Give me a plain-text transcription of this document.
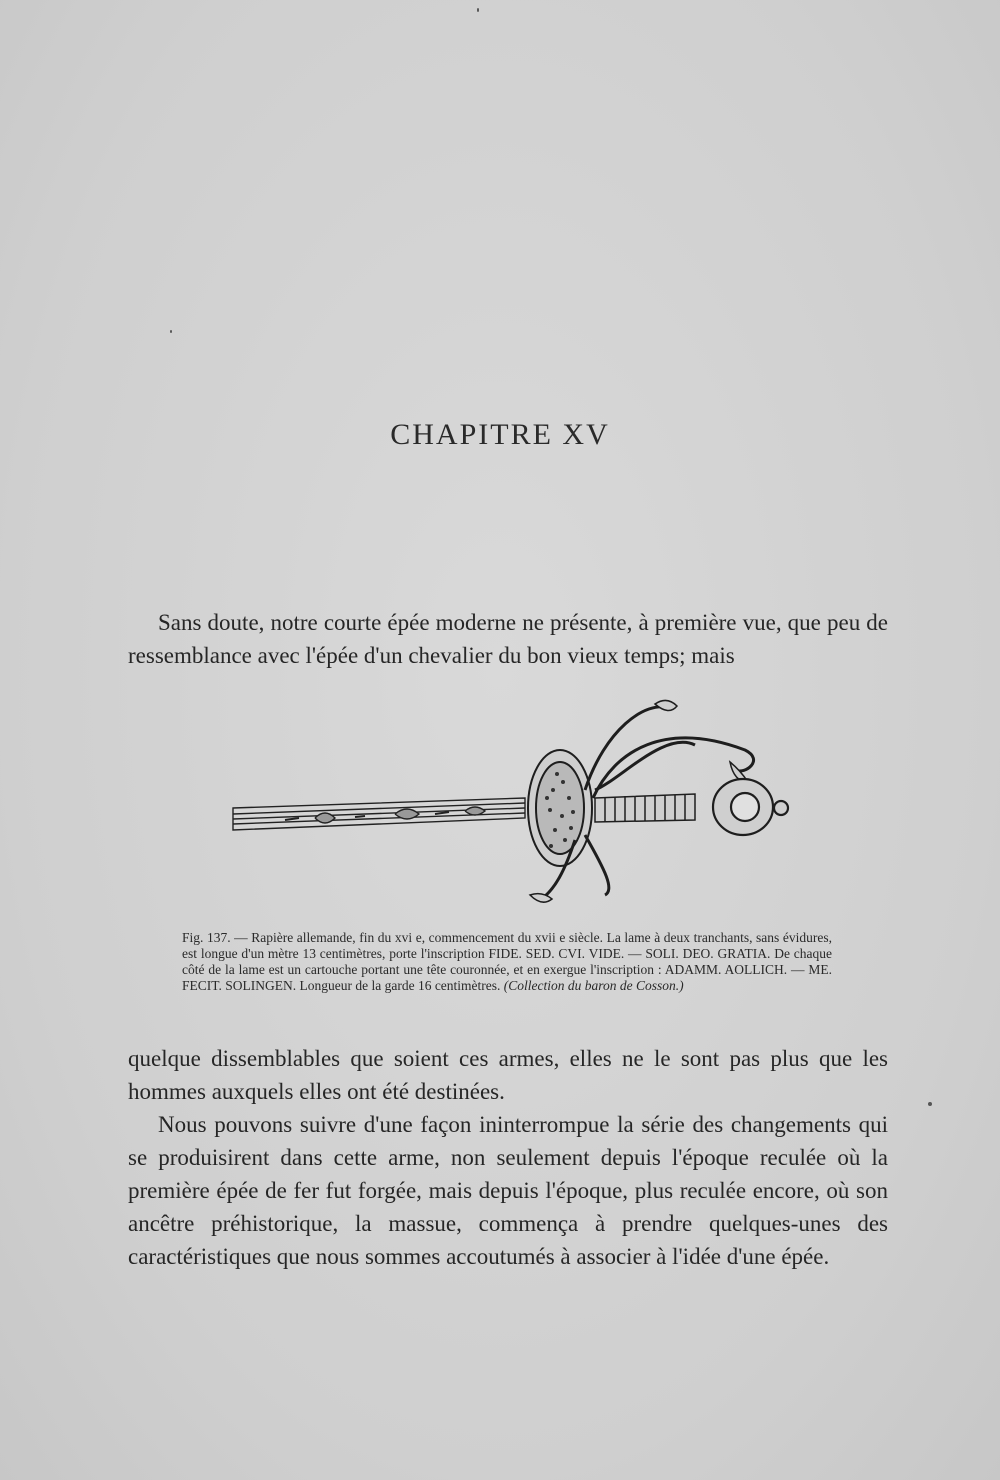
CHAPITRE XV
Sans doute, notre courte épée moderne ne présente, à première vue, que peu de ressemblance avec l'épée d'un chevalier du bon vieux temps; mais
Fig. 137. — Rapière allemande, fin du xvi e, commencement du xvii e siècle. La lame à deux tranchants, sans évidures, est longue d'un mètre 13 centimètres, porte l'inscription FIDE. SED. CVI. VIDE. — SOLI. DEO. GRATIA. De chaque côté de la lame est un cartouche portant une tête couronnée, et en exergue l'inscription : ADAMM. AOLLICH. — ME. FECIT. SOLINGEN. Longueur de la garde 16 centimètres. (Collection du baron de Cosson.)
quelque dissemblables que soient ces armes, elles ne le sont pas plus que les hommes auxquels elles ont été destinées.
Nous pouvons suivre d'une façon ininterrompue la série des changements qui se produisirent dans cette arme, non seulement depuis l'époque reculée où la première épée de fer fut forgée, mais depuis l'époque, plus reculée encore, où son ancêtre préhistorique, la massue, commença à prendre quelques-unes des caractéristiques que nous sommes accoutumés à associer à l'idée d'une épée.
